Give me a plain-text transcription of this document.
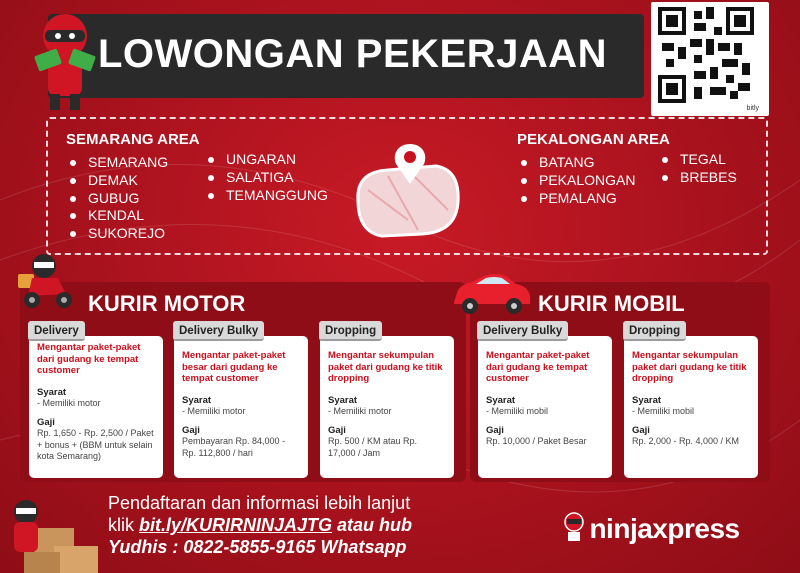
LOWONGAN PEKERJAAN
bitly
SEMARANG AREA
SEMARANG
DEMAK
GUBUG
KENDAL
SUKOREJO
UNGARAN
SALATIGA
TEMANGGUNG
PEKALONGAN AREA
BATANG
PEKALONGAN
PEMALANG
TEGAL
BREBES
KURIR MOTOR
Mengantar paket-paket dari gudang ke tempat customer
Syarat
- Memiliki motor
Gaji
Rp. 1,650 - Rp. 2,500 / Paket + bonus + (BBM untuk selain kota Semarang)
Delivery
Mengantar paket-paket besar dari gudang ke tempat customer
Syarat
- Memiliki motor
Gaji
Pembayaran Rp. 84,000 - Rp. 112,800 / hari
Delivery Bulky
Mengantar sekumpulan paket dari gudang ke titik dropping
Syarat
- Memiliki motor
Gaji
Rp. 500 / KM atau Rp. 17,000 / Jam
Dropping
KURIR MOBIL
Mengantar paket-paket dari gudang ke tempat customer
Syarat
- Memiliki mobil
Gaji
Rp. 10,000 / Paket Besar
Delivery Bulky
Mengantar sekumpulan paket dari gudang ke titik dropping
Syarat
- Memiliki mobil
Gaji
Rp. 2,000 - Rp. 4,000 / KM
Dropping
Pendaftaran dan informasi lebih lanjut
klik bit.ly/KURIRNINJAJTG atau hub
Yudhis : 0822-5855-9165 Whatsapp
ninjaxpress
